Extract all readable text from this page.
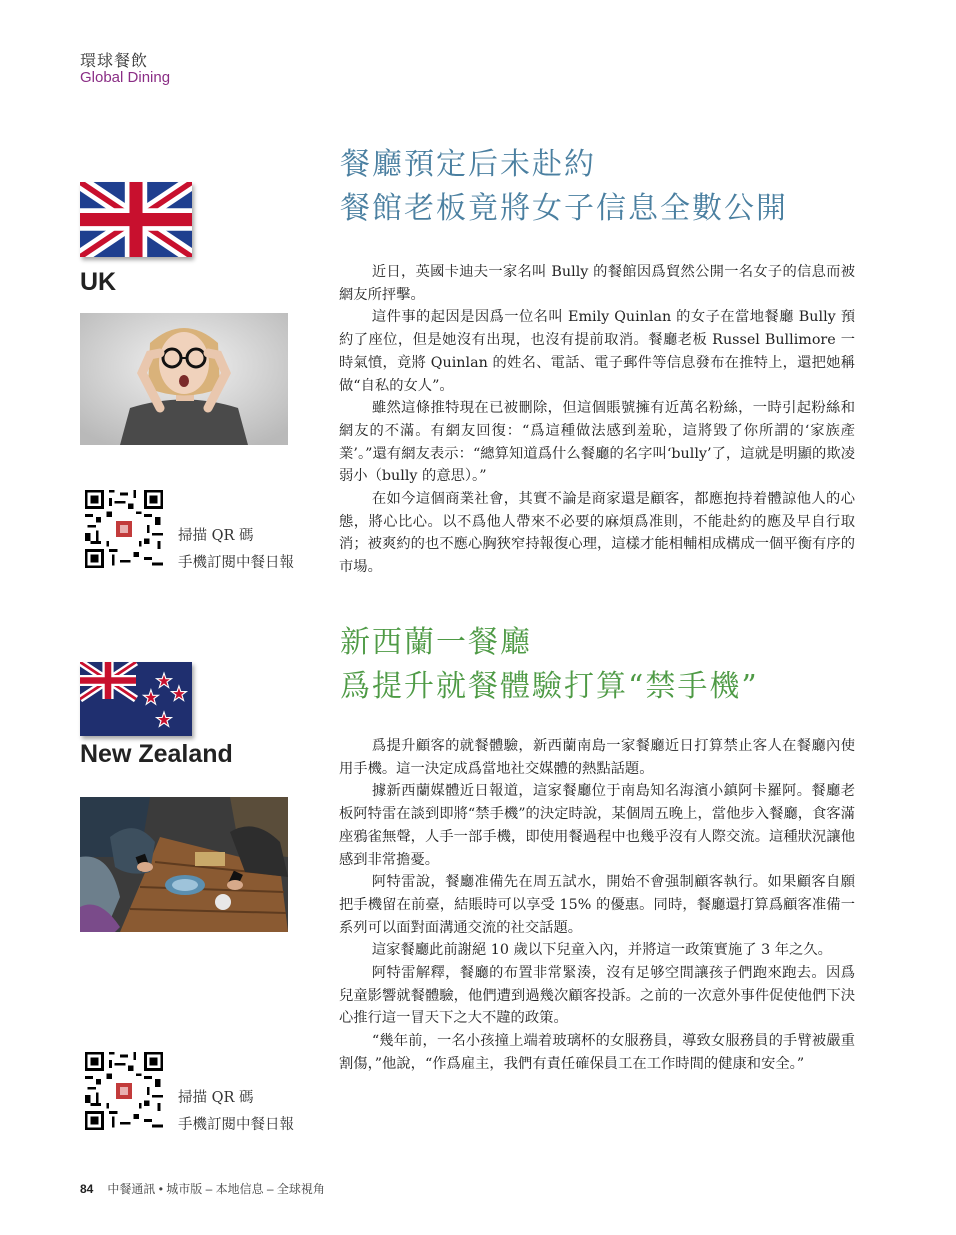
環球餐飲
Global Dining
餐廳預定后未赴約
餐館老板竟將女子信息全數公開
UK
掃描 QR 碼
手機訂閱中餐日報

近日，英國卡迪夫一家名叫 Bully 的餐館因爲貿然公開一名女子的信息而被網友所抨擊。

這件事的起因是因爲一位名叫 Emily Quinlan 的女子在當地餐廳 Bully 預約了座位，但是她沒有出現，也沒有提前取消。餐廳老板 Russel Bullimore 一時氣憤，竟將 Quinlan 的姓名、電話、電子郵件等信息發布在推特上，還把她稱做“自私的女人”。

雖然這條推特現在已被刪除，但這個賬號擁有近萬名粉絲，一時引起粉絲和網友的不滿。有網友回復：“爲這種做法感到羞恥，這將毀了你所謂的‘家族產業’。”還有網友表示：“總算知道爲什么餐廳的名字叫‘bully’了，這就是明顯的欺凌弱小（bully 的意思）。”

在如今這個商業社會，其實不論是商家還是顧客，都應抱持着體諒他人的心態，將心比心。以不爲他人帶來不必要的麻煩爲准則，不能赴約的應及早自行取消；被爽約的也不應心胸狹窄持報復心理，這樣才能相輔相成構成一個平衡有序的市場。

新西蘭一餐廳
爲提升就餐體驗打算“禁手機”
New Zealand
掃描 QR 碼
手機訂閱中餐日報

爲提升顧客的就餐體驗，新西蘭南島一家餐廳近日打算禁止客人在餐廳內使用手機。這一決定成爲當地社交媒體的熱點話題。

據新西蘭媒體近日報道，這家餐廳位于南島知名海濱小鎮阿卡羅阿。餐廳老板阿特雷在談到即將“禁手機”的決定時說，某個周五晚上，當他步入餐廳，食客滿座鴉雀無聲，人手一部手機，即使用餐過程中也幾乎沒有人際交流。這種狀況讓他感到非常擔憂。

阿特雷說，餐廳准備先在周五試水，開始不會强制顧客執行。如果顧客自願把手機留在前臺，結賬時可以享受 15% 的優惠。同時，餐廳還打算爲顧客准備一系列可以面對面溝通交流的社交話題。

這家餐廳此前謝絕 10 歲以下兒童入內，并將這一政策實施了 3 年之久。

阿特雷解釋，餐廳的布置非常緊湊，沒有足够空間讓孩子們跑來跑去。因爲兒童影響就餐體驗，他們遭到過幾次顧客投訴。之前的一次意外事件促使他們下決心推行這一冒天下之大不韙的政策。

“幾年前，一名小孩撞上端着玻璃杯的女服務員，導致女服務員的手臂被嚴重割傷，”他說，“作爲雇主，我們有責任確保員工在工作時間的健康和安全。”

84 中餐通訊 • 城市版 – 本地信息 – 全球視角
